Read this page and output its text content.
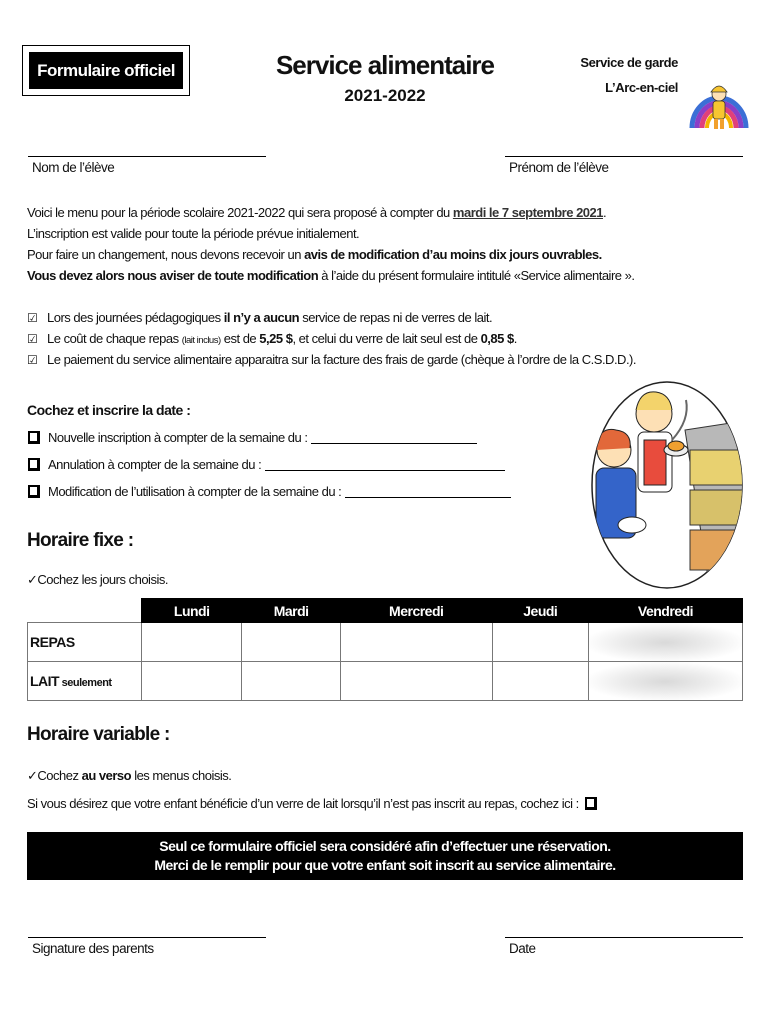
Formulaire officiel	Service alimentaire
2021-2022
Service de garde
L’Arc-en-ciel
Nom de l’élève	Prénom de l’élève
Voici le menu pour la période scolaire 2021-2022 qui sera proposé à compter du mardi le 7 septembre 2021.
L’inscription est valide pour toute la période prévue initialement.
Pour faire un changement, nous devons recevoir un avis de modification d’au moins dix jours ouvrables.
Vous devez alors nous aviser de toute modification à l’aide du présent formulaire intitulé «Service alimentaire ».
☑ Lors des journées pédagogiques il n’y a aucun service de repas ni de verres de lait.
☑ Le coût de chaque repas (lait inclus) est de 5,25 $, et celui du verre de lait seul est de 0,85 $.
☑ Le paiement du service alimentaire apparaitra sur la facture des frais de garde (chèque à l’ordre de la C.S.D.D.).
Cochez et inscrire la date :
Nouvelle inscription à compter de la semaine du :
Annulation à compter de la semaine du :
Modification de l’utilisation à compter de la semaine du :
Horaire fixe :
✓Cochez les jours choisis.
	Lundi	Mardi	Mercredi	Jeudi	Vendredi
REPAS					
LAIT seulement					
Horaire variable :
✓Cochez au verso les menus choisis.
Si vous désirez que votre enfant bénéficie d’un verre de lait lorsqu’il n’est pas inscrit au repas, cochez ici :
Seul ce formulaire officiel sera considéré afin d’effectuer une réservation.
Merci de le remplir pour que votre enfant soit inscrit au service alimentaire.
Signature des parents	Date
